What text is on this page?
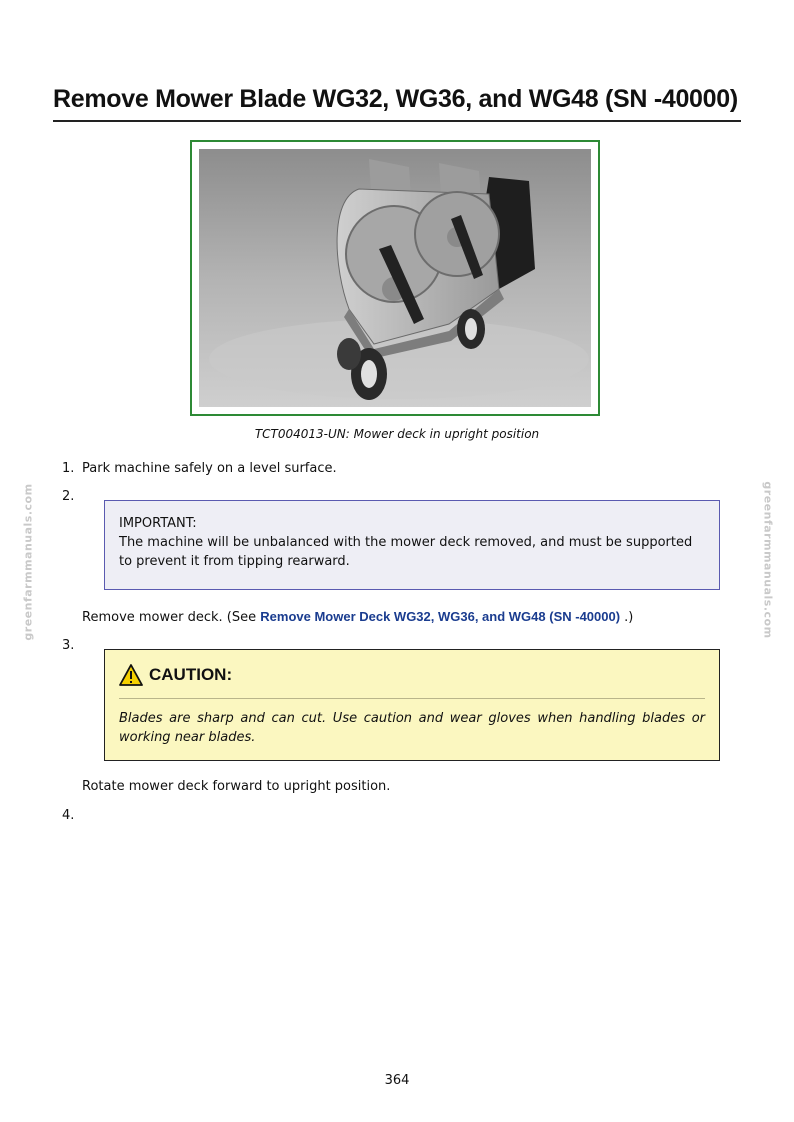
Remove Mower Blade WG32, WG36, and WG48 (SN -40000)
TCT004013-UN: Mower deck in upright position
1. Park machine safely on a level surface.
2.
IMPORTANT:
The machine will be unbalanced with the mower deck removed, and must be supported to prevent it from tipping rearward.
Remove mower deck. (See Remove Mower Deck WG32, WG36, and WG48 (SN -40000) .)
3.
CAUTION:
Blades are sharp and can cut. Use caution and wear gloves when handling blades or working near blades.
Rotate mower deck forward to upright position.
4.
greenfarmmanuals.com	greenfarmmanuals.com
364
